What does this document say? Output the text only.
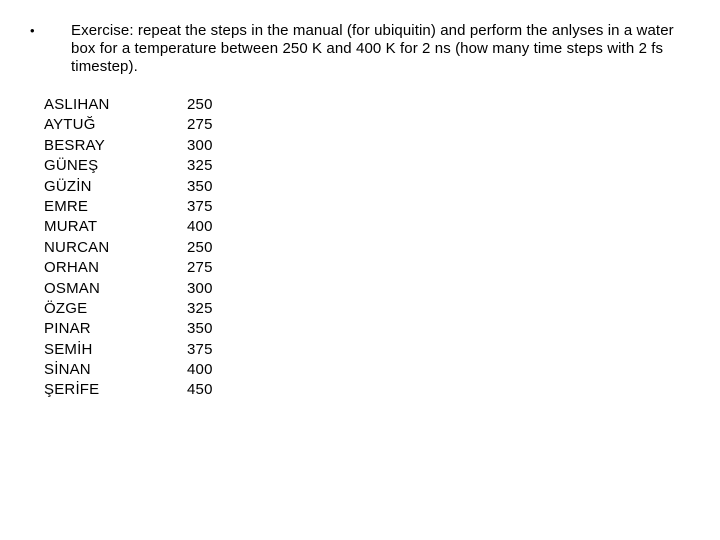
•	Exercise: repeat the steps in the manual (for ubiquitin) and perform the anlyses in a water box for a temperature between 250 K and 400 K for 2 ns (how many time steps with 2 fs timestep).
ASLIHAN	250
AYTUĞ	275
BESRAY	300
GÜNEŞ	325
GÜZİN	350
EMRE	375
MURAT	400
NURCAN	250
ORHAN	275
OSMAN	300
ÖZGE	325
PINAR	350
SEMİH	375
SİNAN	400
ŞERİFE	450
